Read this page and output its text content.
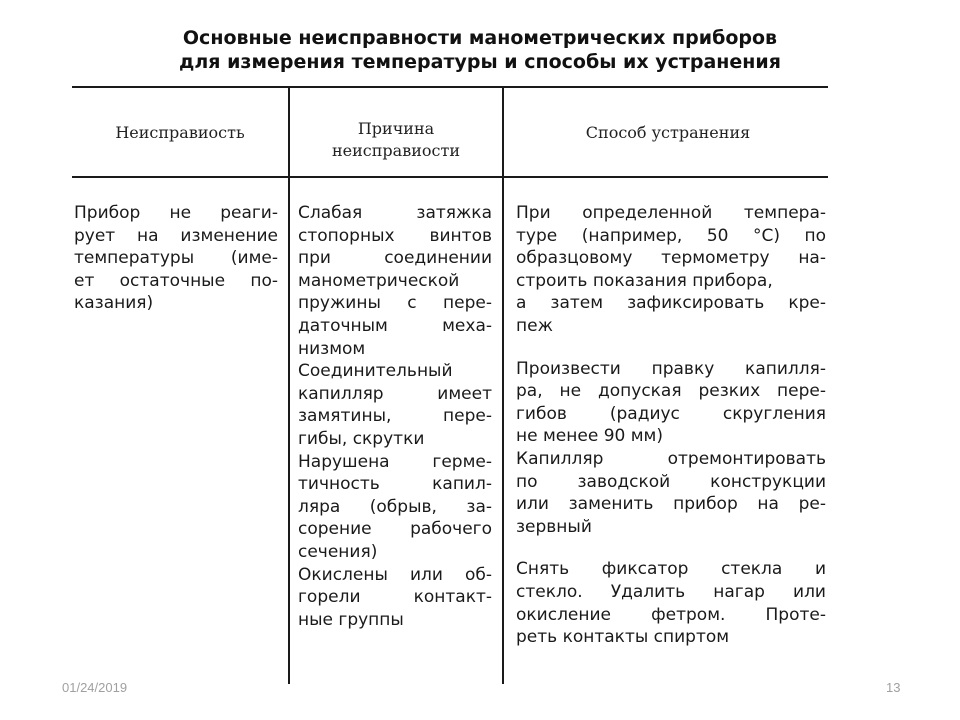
Основные неисправности манометрических приборов
для измерения температуры и способы их устранения
Неисправиость	Причина
неисправиости
Способ устранения
Прибор не реаги-
рует на изменение
температуры (име-
ет остаточные по-
казания)
Слабая затяжка
стопорных винтов
при соединении
манометрической
пружины с пере-
даточным меха-
низмом
Соединительный
капилляр имеет
замятины, пере-
гибы, скрутки
Нарушена герме-
тичность капил-
ляра (обрыв, за-
сорение рабочего
сечения)
Окислены или об-
горели контакт-
ные группы
При определенной темпера-
туре (например, 50 °С) по
образцовому термометру на-
строить показания прибора,
а затем зафиксировать кре-
пеж
Произвести правку капилля-
ра, не допуская резких пере-
гибов (радиус скругления
не менее 90 мм)
Капилляр отремонтировать
по заводской конструкции
или заменить прибор на ре-
зервный
Снять фиксатор стекла и
стекло. Удалить нагар или
окисление фетром. Протe-
реть контакты спиртом
01/24/2019	13
